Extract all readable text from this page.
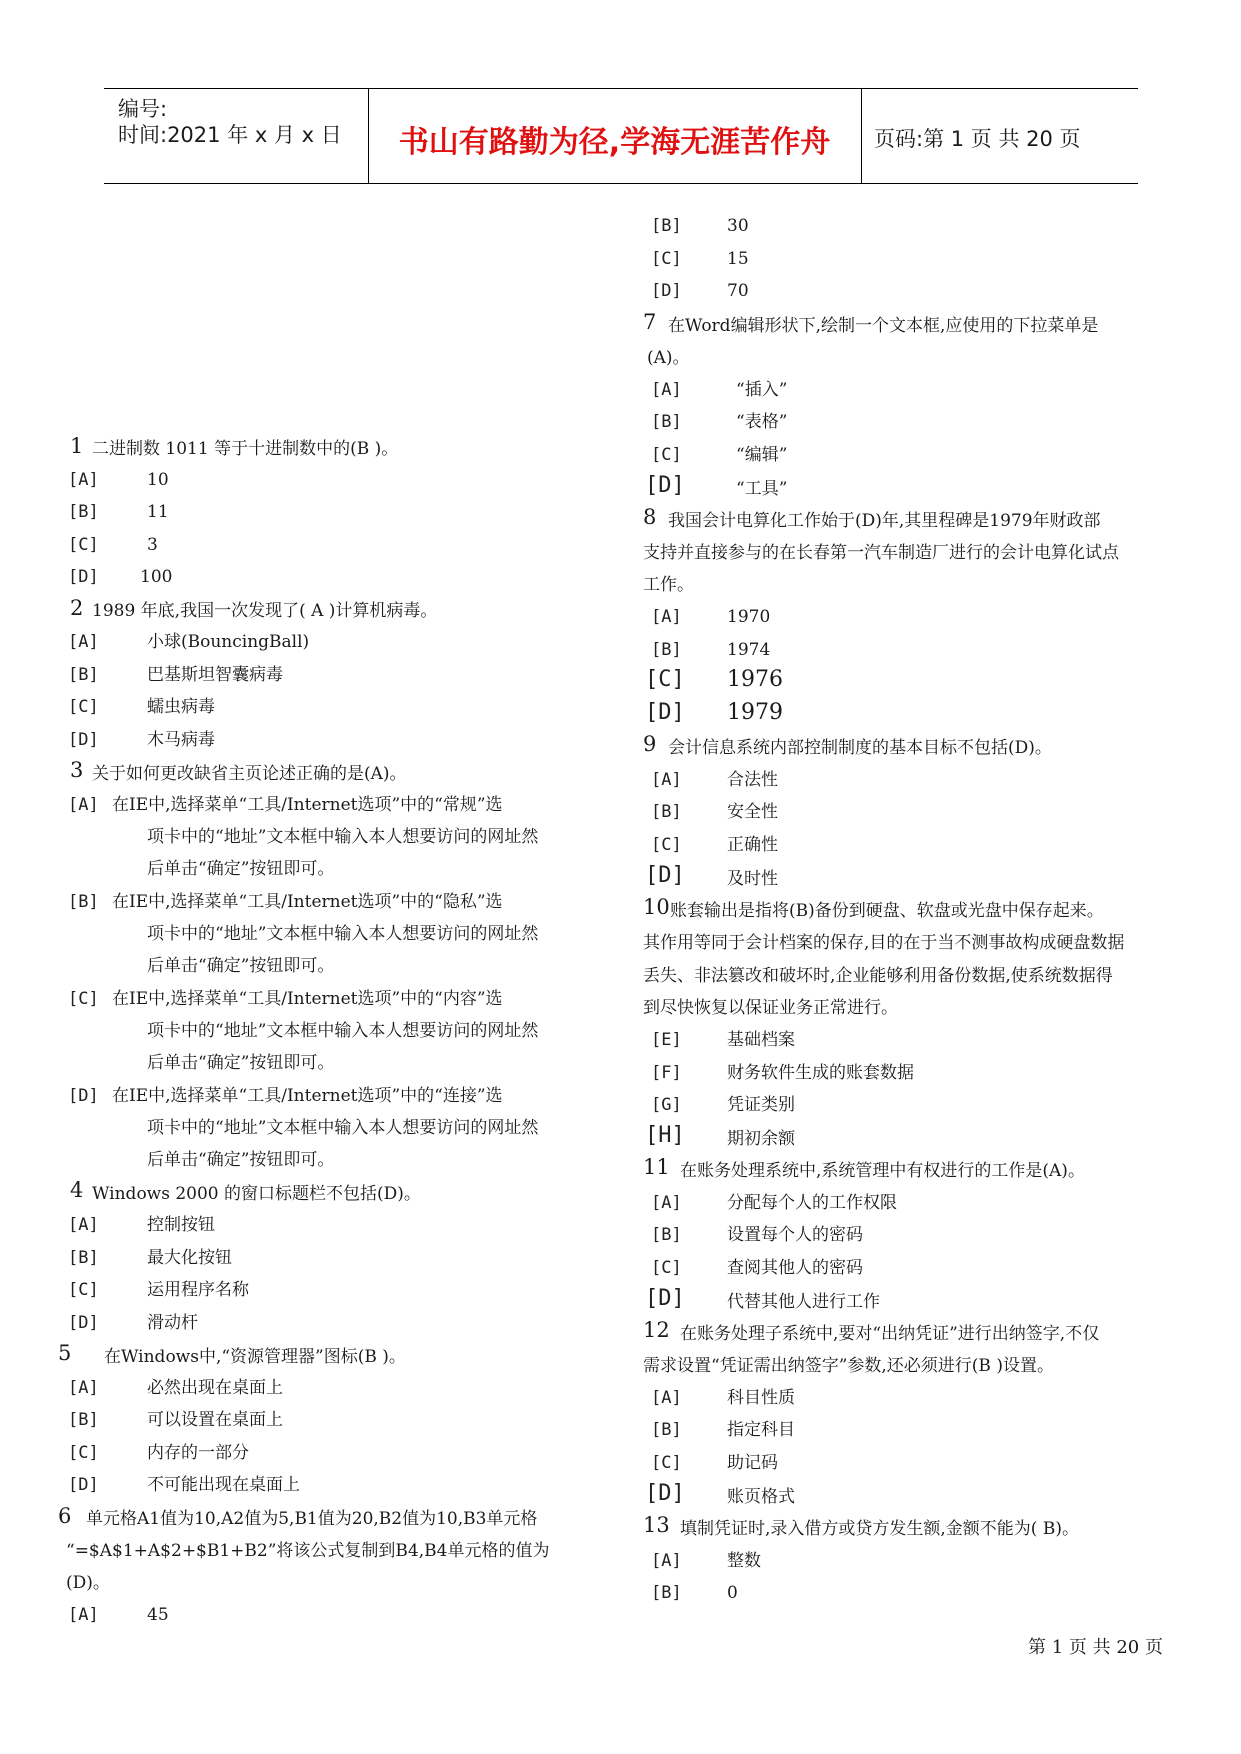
编号:
时间:2021 年 x 月 x 日	书山有路勤为径,学海无涯苦作舟	页码:第 1 页 共 20 页
1 二进制数 1011 等于十进制数中的(B )。
[A]	10
[B]	11
[C]	3
[D] 100
2 1989 年底,我国一次发现了( A )计算机病毒。
[A]	小球(BouncingBall)
[B]	巴基斯坦智囊病毒
[C]	蠕虫病毒
[D]	木马病毒
3 关于如何更改缺省主页论述正确的是(A)。
[A] 在IE中,选择菜单“工具/Internet选项”中的“常规”选
项卡中的“地址”文本框中输入本人想要访问的网址然
后单击“确定”按钮即可。
[B] 在IE中,选择菜单“工具/Internet选项”中的“隐私”选
项卡中的“地址”文本框中输入本人想要访问的网址然
后单击“确定”按钮即可。
[C] 在IE中,选择菜单“工具/Internet选项”中的“内容”选
项卡中的“地址”文本框中输入本人想要访问的网址然
后单击“确定”按钮即可。
[D] 在IE中,选择菜单“工具/Internet选项”中的“连接”选
项卡中的“地址”文本框中输入本人想要访问的网址然
后单击“确定”按钮即可。
4 Windows 2000 的窗口标题栏不包括(D)。
[A]	控制按钮
[B]	最大化按钮
[C]	运用程序名称
[D]	滑动杆
5 在Windows中,“资源管理器”图标(B )。
[A]	必然出现在桌面上
[B]	可以设置在桌面上
[C]	内存的一部分
[D]	不可能出现在桌面上
6 单元格A1值为10,A2值为5,B1值为20,B2值为10,B3单元格
“=$A$1+A$2+$B1+B2”将该公式复制到B4,B4单元格的值为
(D)。
[A]	45
[B]	30
[C]	15
[D]	70
7 在Word编辑形状下,绘制一个文本框,应使用的下拉菜单是
(A)。
[A]	“插入”
[B]	“表格”
[C]	“编辑”
[D]	“工具”
8 我国会计电算化工作始于(D)年,其里程碑是1979年财政部
支持并直接参与的在长春第一汽车制造厂进行的会计电算化试点
工作。
[A]	1970
[B]	1974
[C] 1976
[D] 1979
9 会计信息系统内部控制制度的基本目标不包括(D)。
[A]	合法性
[B]	安全性
[C]	正确性
[D] 及时性
10 账套输出是指将(B)备份到硬盘、软盘或光盘中保存起来。
其作用等同于会计档案的保存,目的在于当不测事故构成硬盘数据
丢失、非法篡改和破坏时,企业能够利用备份数据,使系统数据得
到尽快恢复以保证业务正常进行。
[E]	基础档案
[F]	财务软件生成的账套数据
[G]	凭证类别
[H] 期初余额
11 在账务处理系统中,系统管理中有权进行的工作是(A)。
[A]	分配每个人的工作权限
[B]	设置每个人的密码
[C]	查阅其他人的密码
[D] 代替其他人进行工作
12 在账务处理子系统中,要对“出纳凭证”进行出纳签字,不仅
需求设置“凭证需出纳签字”参数,还必须进行(B )设置。
[A]	科目性质
[B]	指定科目
[C]	助记码
[D] 账页格式
13 填制凭证时,录入借方或贷方发生额,金额不能为( B)。
[A]	整数
[B]	0
第 1 页 共 20 页
